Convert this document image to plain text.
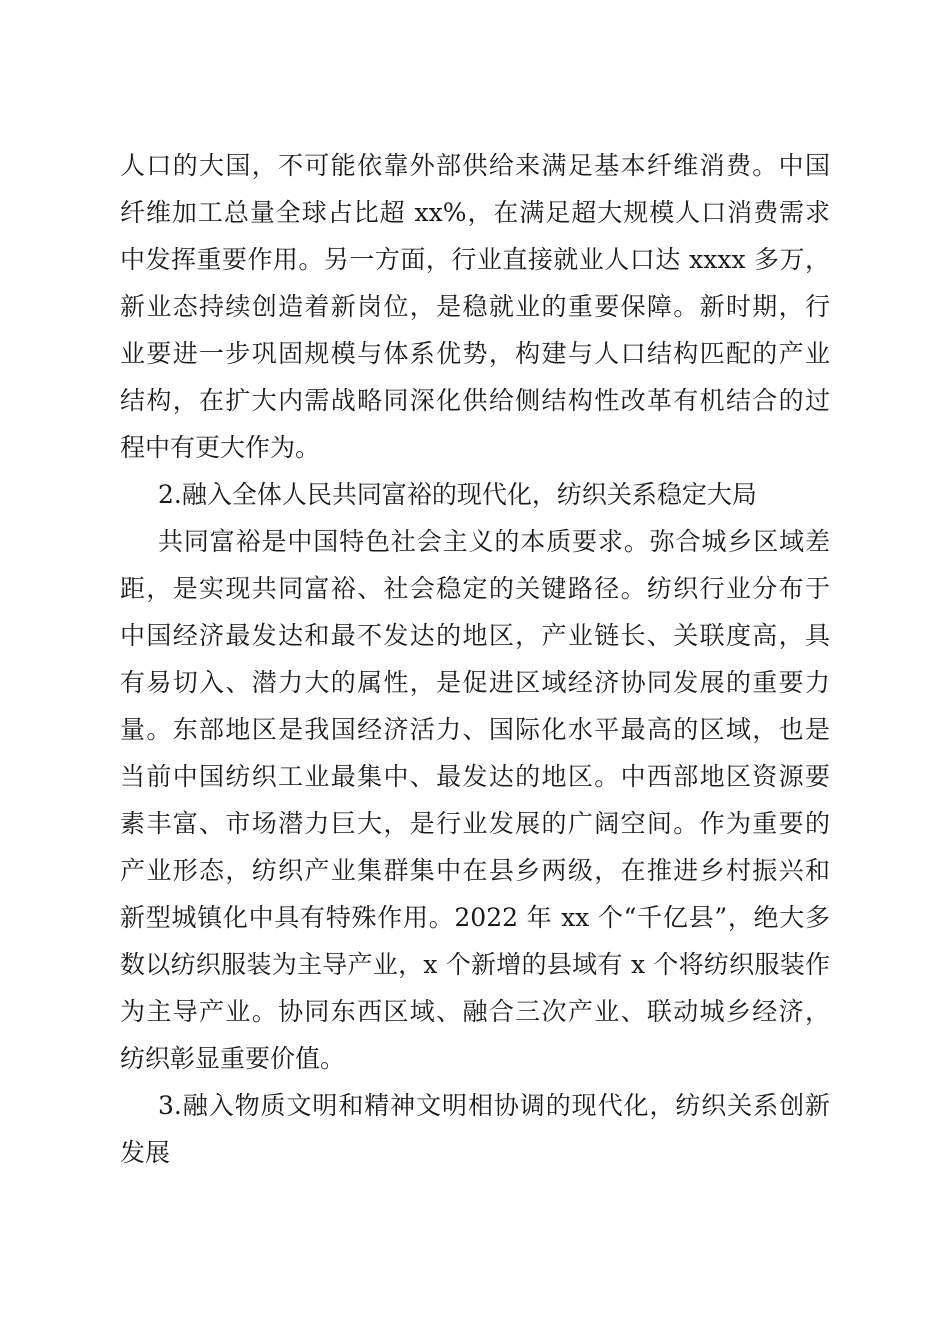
人口的大国，不可能依靠外部供给来满足基本纤维消费。中国
纤维加工总量全球占比超 xx%，在满足超大规模人口消费需求
中发挥重要作用。另一方面，行业直接就业人口达 xxxx 多万，
新业态持续创造着新岗位，是稳就业的重要保障。新时期，行
业要进一步巩固规模与体系优势，构建与人口结构匹配的产业
结构，在扩大内需战略同深化供给侧结构性改革有机结合的过
程中有更大作为。
2.融入全体人民共同富裕的现代化，纺织关系稳定大局
共同富裕是中国特色社会主义的本质要求。弥合城乡区域差
距，是实现共同富裕、社会稳定的关键路径。纺织行业分布于
中国经济最发达和最不发达的地区，产业链长、关联度高，具
有易切入、潜力大的属性，是促进区域经济协同发展的重要力
量。东部地区是我国经济活力、国际化水平最高的区域，也是
当前中国纺织工业最集中、最发达的地区。中西部地区资源要
素丰富、市场潜力巨大，是行业发展的广阔空间。作为重要的
产业形态，纺织产业集群集中在县乡两级，在推进乡村振兴和
新型城镇化中具有特殊作用。2022 年 xx 个“千亿县”，绝大多
数以纺织服装为主导产业，x 个新增的县域有 x 个将纺织服装作
为主导产业。协同东西区域、融合三次产业、联动城乡经济，
纺织彰显重要价值。
3.融入物质文明和精神文明相协调的现代化，纺织关系创新
发展
